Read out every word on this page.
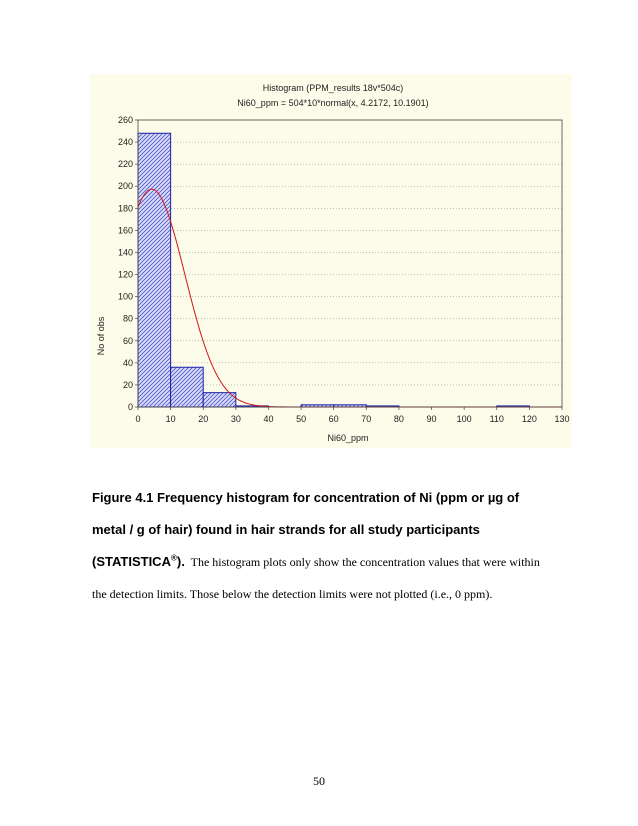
Histogram (PPM_results 18v*504c)
Ni60_ppm = 504*10*normal(x, 4.2172, 10.1901)
0	10	20	30	40	50	60	70	80	90 100 110 120 130
0
20
40
60
80
100
120
140
160
180
200
220
240
260
Ni60_ppm
No of obs
Figure 4.1 Frequency histogram for concentration of Ni (ppm or µg of metal / g of hair) found in hair strands for all study participants (STATISTICA®). The histogram plots only show the concentration values that were within the detection limits. Those below the detection limits were not plotted (i.e., 0 ppm).
50
